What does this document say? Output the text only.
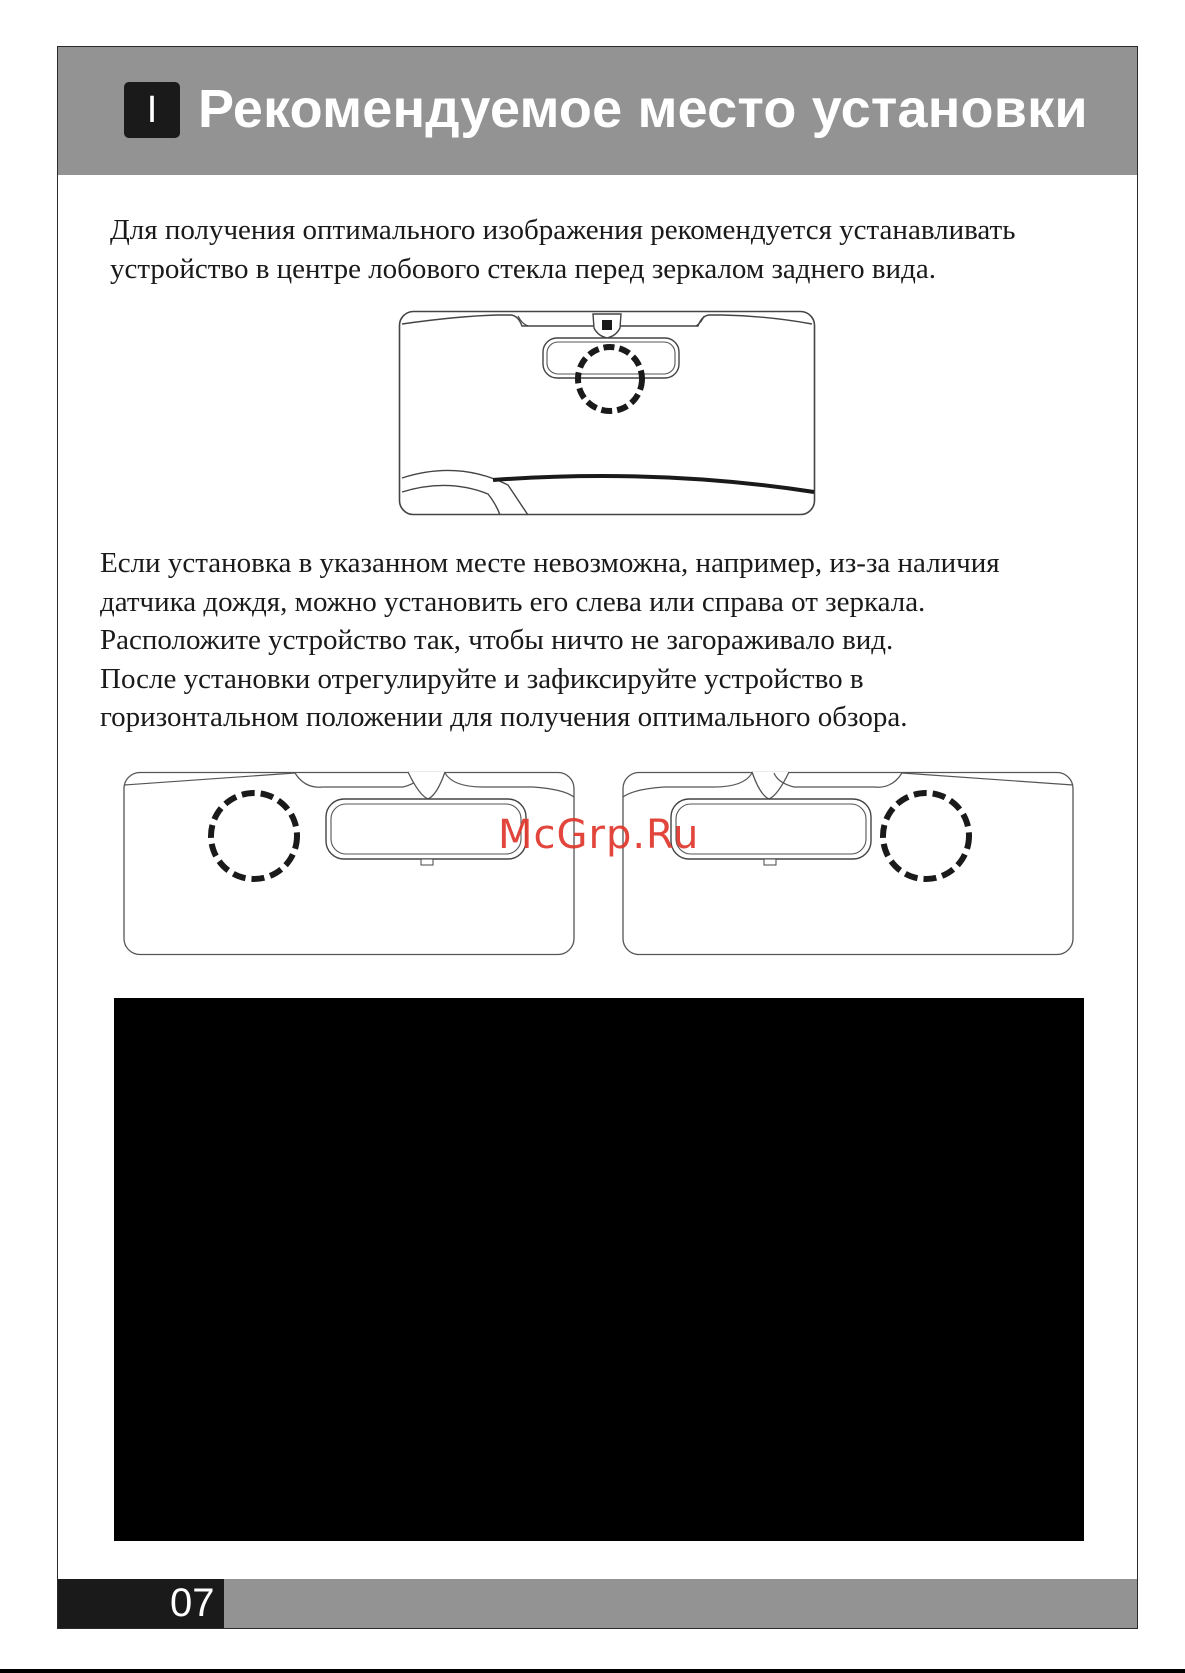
I Рекомендуемое место установки
Для получения оптимального изображения рекомендуется устанавливать
устройство в центре лобового стекла перед зеркалом заднего вида.
Если установка в указанном месте невозможна, например, из-за наличия
датчика дождя, можно установить его слева или справа от зеркала.
Расположите устройство так, чтобы ничто не загораживало вид.
После установки отрегулируйте и зафиксируйте устройство в
горизонтальном положении для получения оптимального обзора.
McGrp.Ru
07
